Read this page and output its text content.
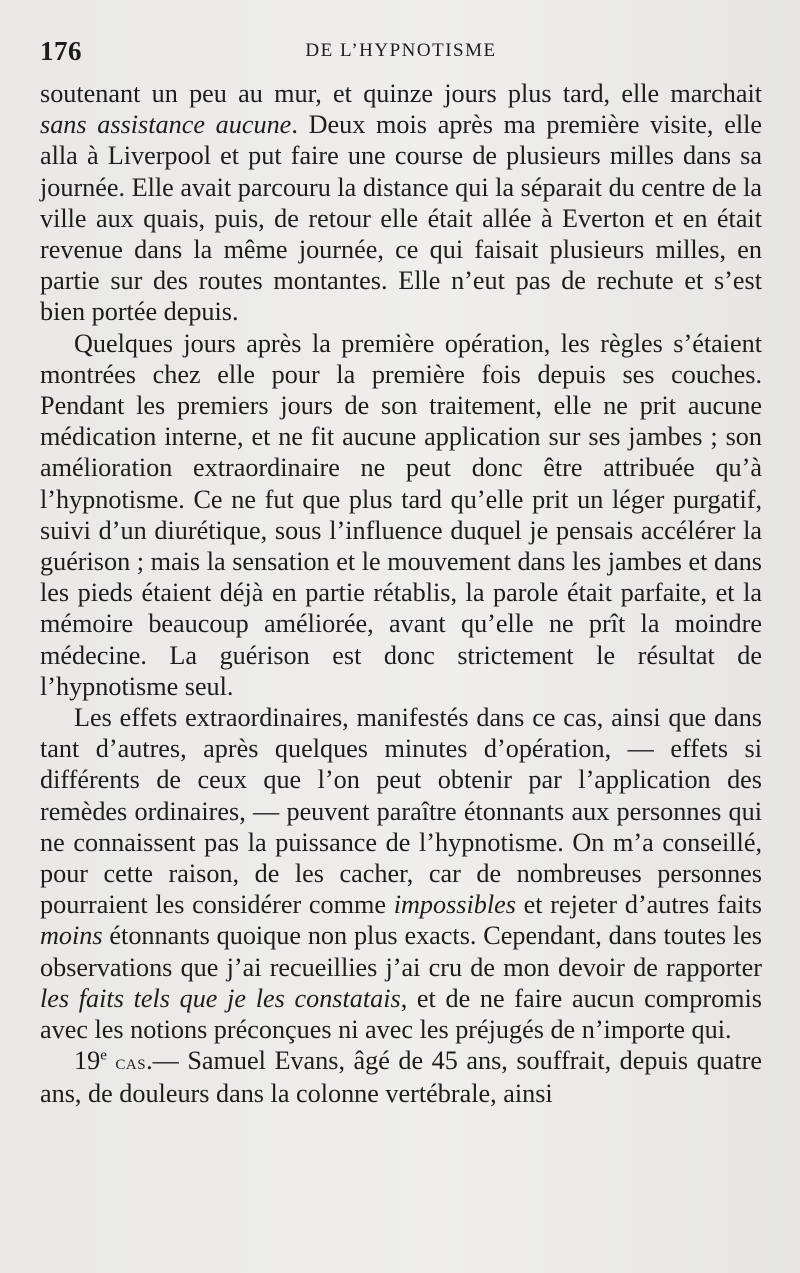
176	DE L’HYPNOTISME

soutenant un peu au mur, et quinze jours plus tard, elle marchait sans assistance aucune. Deux mois après ma première visite, elle alla à Liverpool et put faire une course de plusieurs milles dans sa journée. Elle avait parcouru la distance qui la séparait du centre de la ville aux quais, puis, de retour elle était allée à Everton et en était revenue dans la même journée, ce qui faisait plusieurs milles, en partie sur des routes montantes. Elle n’eut pas de rechute et s’est bien portée depuis.

Quelques jours après la première opération, les règles s’étaient montrées chez elle pour la première fois depuis ses couches. Pendant les premiers jours de son traitement, elle ne prit aucune médication interne, et ne fit aucune application sur ses jambes ; son amélioration extraordinaire ne peut donc être attribuée qu’à l’hypnotisme. Ce ne fut que plus tard qu’elle prit un léger purgatif, suivi d’un diurétique, sous l’influence duquel je pensais accélérer la guérison ; mais la sensation et le mouvement dans les jambes et dans les pieds étaient déjà en partie rétablis, la parole était parfaite, et la mémoire beaucoup améliorée, avant qu’elle ne prît la moindre médecine. La guérison est donc strictement le résultat de l’hypnotisme seul.

Les effets extraordinaires, manifestés dans ce cas, ainsi que dans tant d’autres, après quelques minutes d’opération, — effets si différents de ceux que l’on peut obtenir par l’application des remèdes ordinaires, — peuvent paraître étonnants aux personnes qui ne connaissent pas la puissance de l’hypnotisme. On m’a conseillé, pour cette raison, de les cacher, car de nombreuses personnes pourraient les considérer comme impossibles et rejeter d’autres faits moins étonnants quoique non plus exacts. Cependant, dans toutes les observations que j’ai recueillies j’ai cru de mon devoir de rapporter les faits tels que je les constatais, et de ne faire aucun compromis avec les notions préconçues ni avec les préjugés de n’importe qui.

19e cas.— Samuel Evans, âgé de 45 ans, souffrait, depuis quatre ans, de douleurs dans la colonne vertébrale, ainsi
